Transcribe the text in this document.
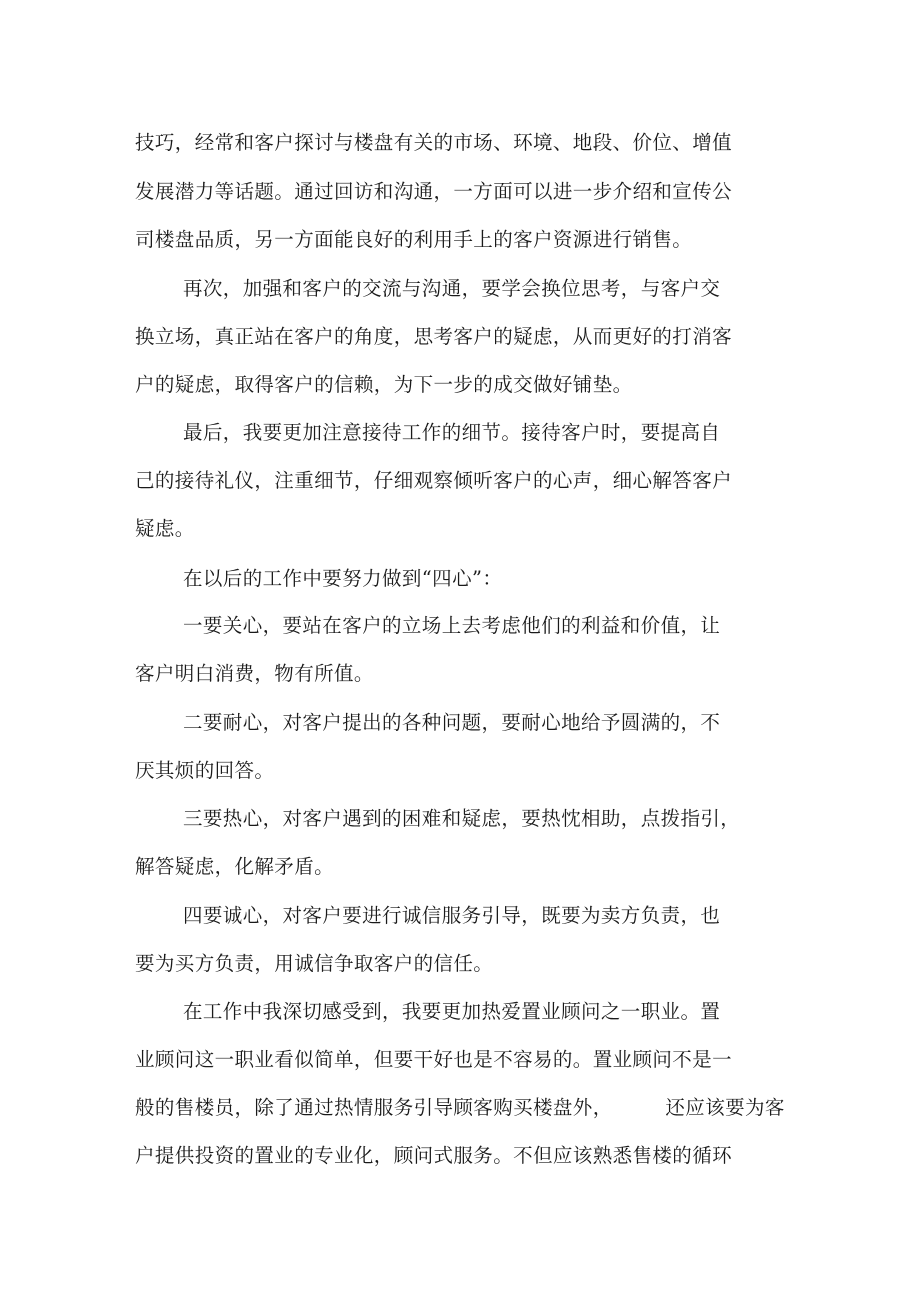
技巧，经常和客户探讨与楼盘有关的市场、环境、地段、价位、增值
发展潜力等话题。通过回访和沟通，一方面可以进一步介绍和宣传公
司楼盘品质，另一方面能良好的利用手上的客户资源进行销售。
再次，加强和客户的交流与沟通，要学会换位思考，与客户交
换立场，真正站在客户的角度，思考客户的疑虑，从而更好的打消客
户的疑虑，取得客户的信赖，为下一步的成交做好铺垫。
最后，我要更加注意接待工作的细节。接待客户时，要提高自
己的接待礼仪，注重细节，仔细观察倾听客户的心声，细心解答客户
疑虑。
在以后的工作中要努力做到“四心”：
一要关心，要站在客户的立场上去考虑他们的利益和价值，让
客户明白消费，物有所值。
二要耐心，对客户提出的各种问题，要耐心地给予圆满的，不
厌其烦的回答。
三要热心，对客户遇到的困难和疑虑，要热忱相助，点拨指引，
解答疑虑，化解矛盾。
四要诚心，对客户要进行诚信服务引导，既要为卖方负责，也
要为买方负责，用诚信争取客户的信任。
在工作中我深切感受到，我要更加热爱置业顾问之一职业。置
业顾问这一职业看似简单，但要干好也是不容易的。置业顾问不是一
般的售楼员，除了通过热情服务引导顾客购买楼盘外，        还应该要为客
户提供投资的置业的专业化，顾问式服务。不但应该熟悉售楼的循环
